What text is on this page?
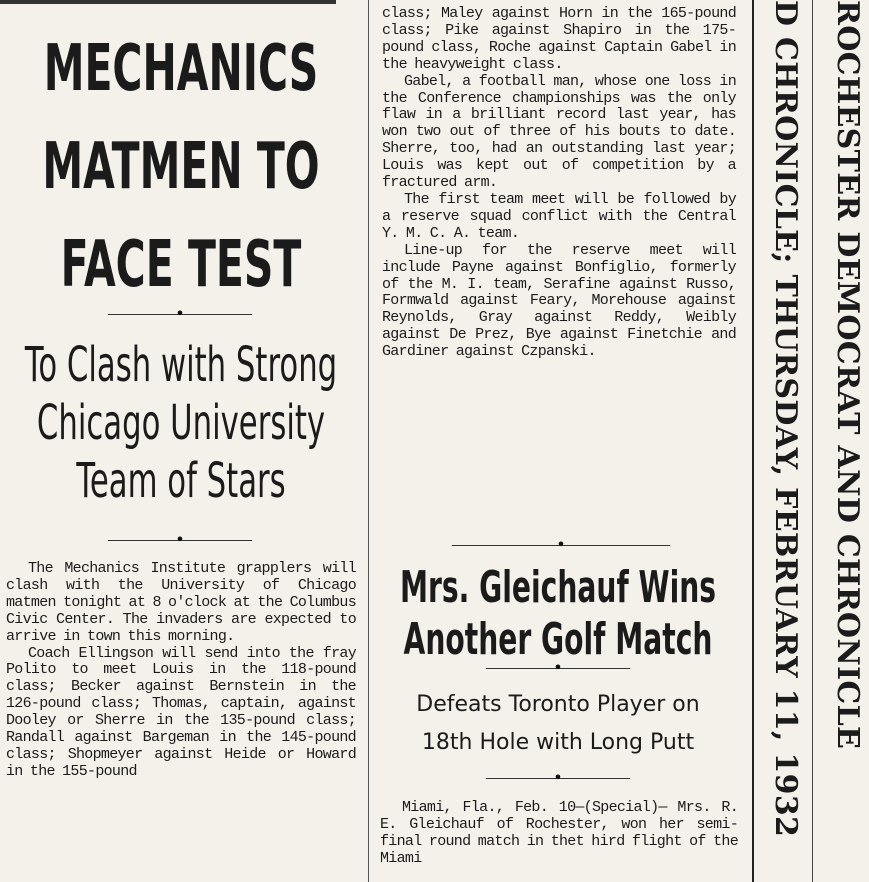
MECHANICS
MATMEN TO
FACE TEST
•
To Clash with Strong
Chicago University
Team of Stars
•

The Mechanics Institute grapplers will clash with the University of Chicago matmen tonight at 8 o'clock at the Columbus Civic Center. The invaders are expected to arrive in town this morning.

Coach Ellingson will send into the fray Polito to meet Louis in the 118-pound class; Becker against Bernstein in the 126-pound class; Thomas, captain, against Dooley or Sherre in the 135-pound class; Randall against Bargeman in the 145-pound class; Shopmeyer against Heide or Howard in the 155-pound

class; Maley against Horn in the 165-pound class; Pike against Shapiro in the 175-pound class, Roche against Captain Gabel in the heavyweight class.

Gabel, a football man, whose one loss in the Conference championships was the only flaw in a brilliant record last year, has won two out of three of his bouts to date. Sherre, too, had an outstanding last year; Louis was kept out of competition by a fractured arm.

The first team meet will be followed by a reserve squad conflict with the Central Y. M. C. A. team.

Line-up for the reserve meet will include Payne against Bonfiglio, formerly of the M. I. team, Serafine against Russo, Formwald against Feary, Morehouse against Reynolds, Gray against Reddy, Weibly against De Prez, Bye against Finetchie and Gardiner against Czpanski.

•
Mrs. Gleichauf Wins
Another Golf Match
•
Defeats Toronto Player on
18th Hole with Long Putt
•

Miami, Fla., Feb. 10—(Special)— Mrs. R. E. Gleichauf of Rochester, won her semi-final round match in thet hird flight of the Miami

D CHRONICLE; THURSDAY, FEBRUARY 11, 1932 ROCHESTER DEMOCRAT AND CHRONICLE
